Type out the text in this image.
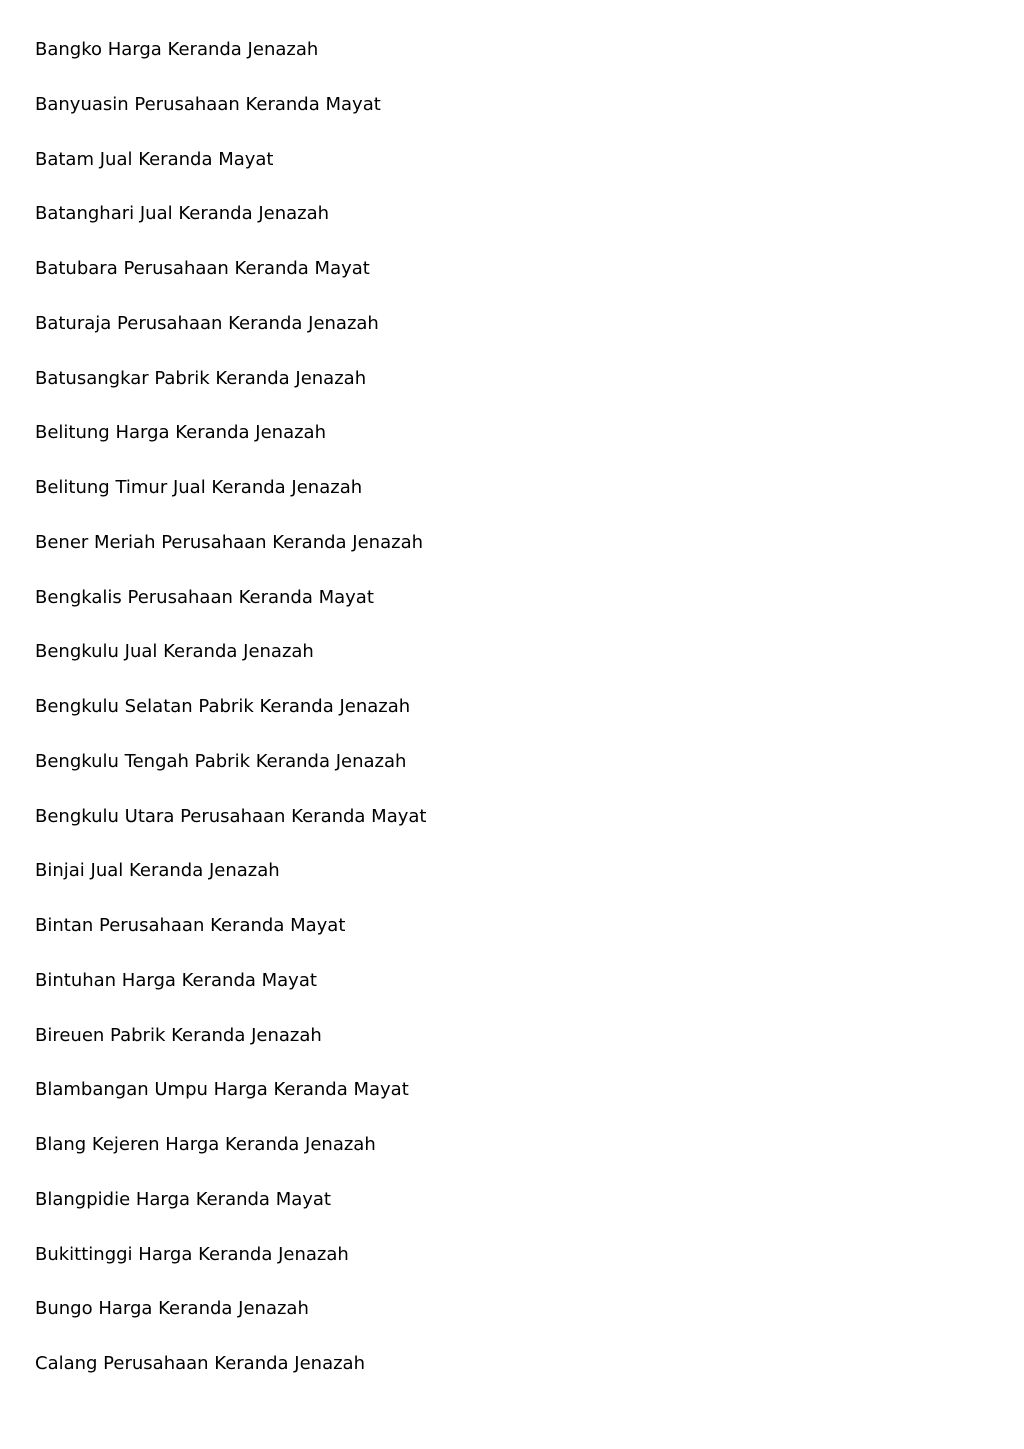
Bangko Harga Keranda Jenazah
Banyuasin Perusahaan Keranda Mayat
Batam Jual Keranda Mayat
Batanghari Jual Keranda Jenazah
Batubara Perusahaan Keranda Mayat
Baturaja Perusahaan Keranda Jenazah
Batusangkar Pabrik Keranda Jenazah
Belitung Harga Keranda Jenazah
Belitung Timur Jual Keranda Jenazah
Bener Meriah Perusahaan Keranda Jenazah
Bengkalis Perusahaan Keranda Mayat
Bengkulu Jual Keranda Jenazah
Bengkulu Selatan Pabrik Keranda Jenazah
Bengkulu Tengah Pabrik Keranda Jenazah
Bengkulu Utara Perusahaan Keranda Mayat
Binjai Jual Keranda Jenazah
Bintan Perusahaan Keranda Mayat
Bintuhan Harga Keranda Mayat
Bireuen Pabrik Keranda Jenazah
Blambangan Umpu Harga Keranda Mayat
Blang Kejeren Harga Keranda Jenazah
Blangpidie Harga Keranda Mayat
Bukittinggi Harga Keranda Jenazah
Bungo Harga Keranda Jenazah
Calang Perusahaan Keranda Jenazah
